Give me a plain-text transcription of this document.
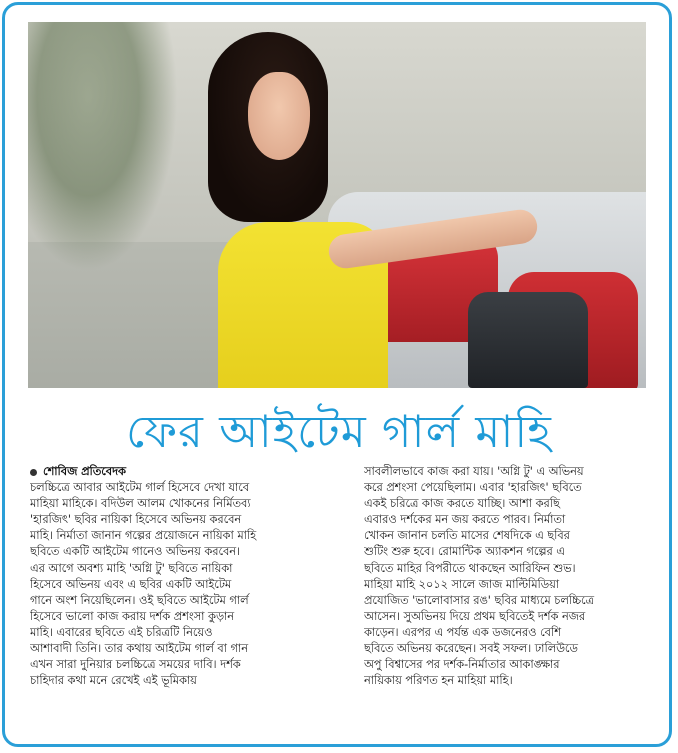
ফের আইটেম গার্ল মাহি
শোবিজ প্রতিবেদক
চলচ্চিত্রে আবার আইটেম গার্ল হিসেবে দেখা যাবে
মাহিয়া মাহিকে। বদিউল আলম খোকনের নির্মিতব্য
'হারজিৎ' ছবির নায়িকা হিসেবে অভিনয় করবেন
মাহি। নির্মাতা জানান গল্পের প্রয়োজনে নায়িকা মাহি
ছবিতে একটি আইটেম গানেও অভিনয় করবেন।
এর আগে অবশ্য মাহি 'অগ্নি টু' ছবিতে নায়িকা
হিসেবে অভিনয় এবং এ ছবির একটি আইটেম
গানে অংশ নিয়েছিলেন। ওই ছবিতে আইটেম গার্ল
হিসেবে ভালো কাজ করায় দর্শক প্রশংসা কুড়ান
মাহি। এবারের ছবিতে এই চরিত্রটি নিয়েও
আশাবাদী তিনি। তার কথায় আইটেম গার্ল বা গান
এখন সারা দুনিয়ার চলচ্চিত্রে সময়ের দাবি। দর্শক
চাহিদার কথা মনে রেখেই এই ভূমিকায়
সাবলীলভাবে কাজ করা যায়। 'অগ্নি টু' এ অভিনয়
করে প্রশংসা পেয়েছিলাম। এবার 'হারজিৎ' ছবিতে
একই চরিত্রে কাজ করতে যাচ্ছি। আশা করছি
এবারও দর্শকের মন জয় করতে পারব। নির্মাতা
খোকন জানান চলতি মাসের শেষদিকে এ ছবির
শুটিং শুরু হবে। রোমান্টিক অ্যাকশন গল্পের এ
ছবিতে মাহির বিপরীতে থাকছেন আরিফিন শুভ।
মাহিয়া মাহি ২০১২ সালে জাজ মাল্টিমিডিয়া
প্রযোজিত 'ভালোবাসার রঙ' ছবির মাধ্যমে চলচ্চিত্রে
আসেন। সুঅভিনয় দিয়ে প্রথম ছবিতেই দর্শক নজর
কাড়েন। এরপর এ পর্যন্ত এক ডজনেরও বেশি
ছবিতে অভিনয় করেছেন। সবই সফল। ঢালিউডে
অপু বিশ্বাসের পর দর্শক-নির্মাতার আকাঙ্ক্ষার
নায়িকায় পরিণত হন মাহিয়া মাহি।
